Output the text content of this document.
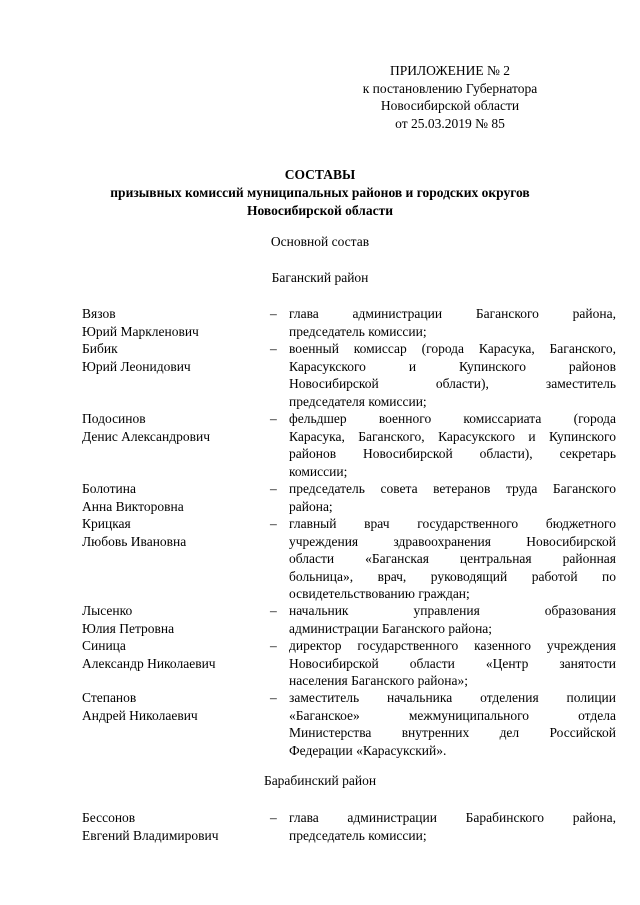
ПРИЛОЖЕНИЕ № 2
к постановлению Губернатора
Новосибирской области
от 25.03.2019 № 85
СОСТАВЫ
призывных комиссий муниципальных районов и городских округов
Новосибирской области
Основной состав
Баганский район
Вязов
Юрий Маркленович
– глава администрации Баганского района,
председатель комиссии;
Бибик
Юрий Леонидович
– военный комиссар (города Карасука, Баганского,
Карасукского и Купинского районов
Новосибирской области), заместитель
председателя комиссии;
Подосинов
Денис Александрович
– фельдшер военного комиссариата (города
Карасука, Баганского, Карасукского и Купинского
районов Новосибирской области), секретарь
комиссии;
Болотина
Анна Викторовна
– председатель совета ветеранов труда Баганского
района;
Крицкая
Любовь Ивановна
– главный врач государственного бюджетного
учреждения здравоохранения Новосибирской
области «Баганская центральная районная
больница», врач, руководящий работой по
освидетельствованию граждан;
Лысенко
Юлия Петровна
– начальник управления образования
администрации Баганского района;
Синица
Александр Николаевич
– директор государственного казенного учреждения
Новосибирской области «Центр занятости
населения Баганского района»;
Степанов
Андрей Николаевич
– заместитель начальника отделения полиции
«Баганское» межмуниципального отдела
Министерства внутренних дел Российской
Федерации «Карасукский».
Барабинский район
Бессонов
Евгений Владимирович
– глава администрации Барабинского района,
председатель комиссии;
